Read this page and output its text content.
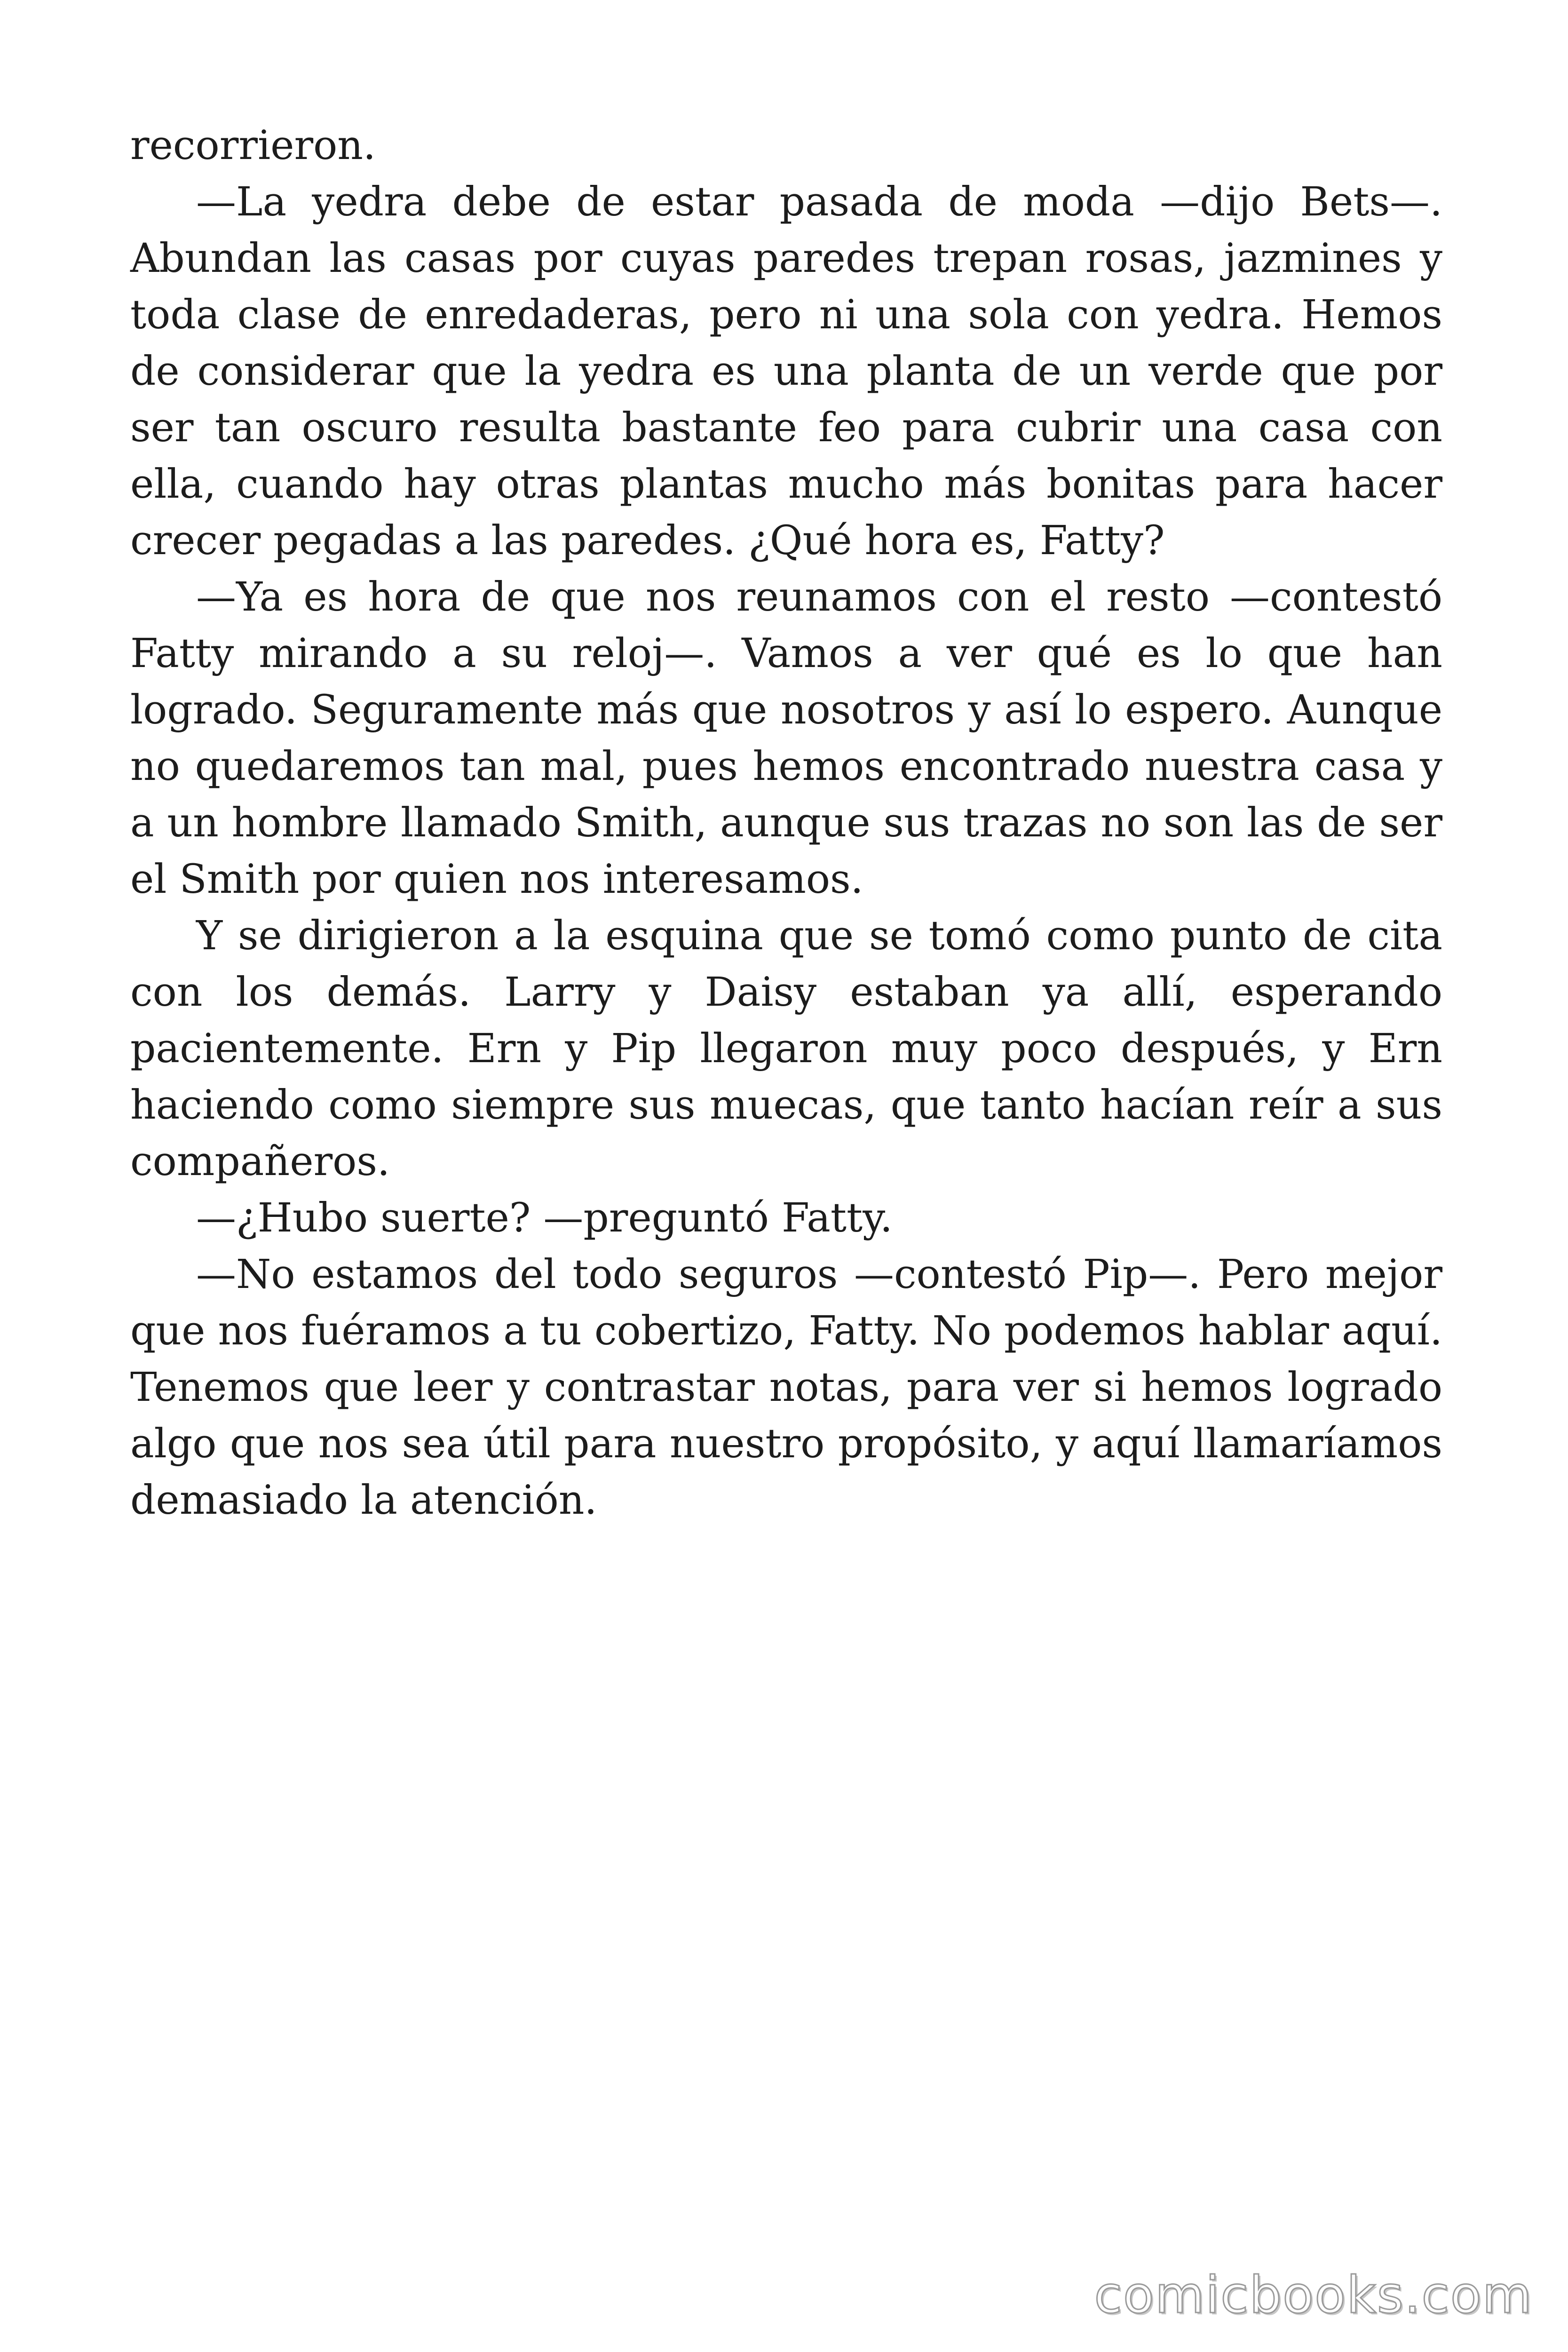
recorrieron.

—La yedra debe de estar pasada de moda —dijo Bets—. Abundan las casas por cuyas paredes trepan rosas, jazmines y toda clase de enredaderas, pero ni una sola con yedra. Hemos de considerar que la yedra es una planta de un verde que por ser tan oscuro resulta bastante feo para cubrir una casa con ella, cuando hay otras plantas mucho más bonitas para hacer crecer pegadas a las paredes. ¿Qué hora es, Fatty?

—Ya es hora de que nos reunamos con el resto —contestó Fatty mirando a su reloj—. Vamos a ver qué es lo que han logrado. Seguramente más que nosotros y así lo espero. Aunque no quedaremos tan mal, pues hemos encontrado nuestra casa y a un hombre llamado Smith, aunque sus trazas no son las de ser el Smith por quien nos interesamos.

Y se dirigieron a la esquina que se tomó como punto de cita con los demás. Larry y Daisy estaban ya allí, esperando pacientemente. Ern y Pip llegaron muy poco después, y Ern haciendo como siempre sus muecas, que tanto hacían reír a sus compañeros.

—¿Hubo suerte? —preguntó Fatty.

—No estamos del todo seguros —contestó Pip—. Pero mejor que nos fuéramos a tu cobertizo, Fatty. No podemos hablar aquí. Tenemos que leer y contrastar notas, para ver si hemos logrado algo que nos sea útil para nuestro propósito, y aquí llamaríamos demasiado la atención.

comicbooks.com
